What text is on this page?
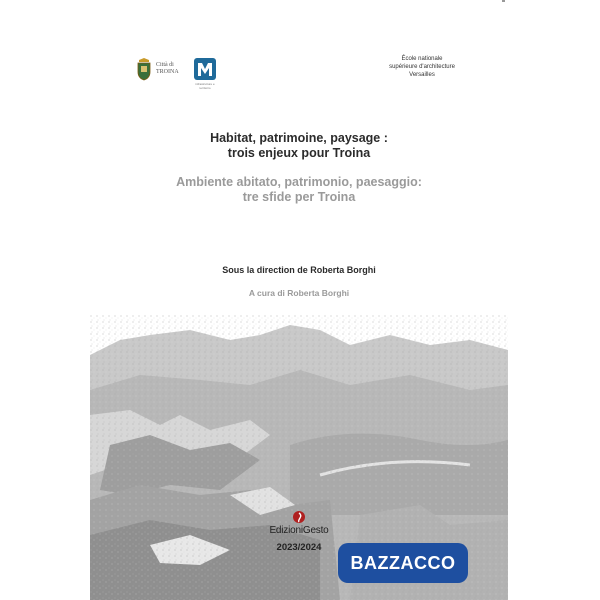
Città di
TROINA
infrastrutture e territorio
École nationale
supérieure d'architecture
Versailles
Habitat, patrimoine, paysage :
trois enjeux pour Troina
Ambiente abitato, patrimonio, paesaggio:
tre sfide per Troina
Sous la direction de Roberta Borghi
A cura di Roberta Borghi
EdizioniGesto
2023/2024
BAZZACCO
